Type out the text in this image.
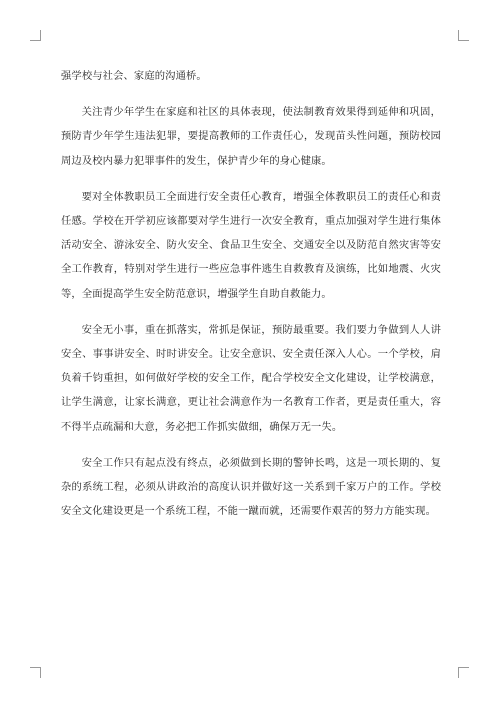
强学校与社会、家庭的沟通桥。

关注青少年学生在家庭和社区的具体表现，使法制教育效果得到延伸和巩固，预防青少年学生违法犯罪，要提高教师的工作责任心，发现苗头性问题，预防校园周边及校内暴力犯罪事件的发生，保护青少年的身心健康。

要对全体教职员工全面进行安全责任心教育，增强全体教职员工的责任心和责任感。学校在开学初应该都要对学生进行一次安全教育，重点加强对学生进行集体活动安全、游泳安全、防火安全、食品卫生安全、交通安全以及防范自然灾害等安全工作教育，特别对学生进行一些应急事件逃生自救教育及演练，比如地震、火灾等，全面提高学生安全防范意识，增强学生自助自救能力。

安全无小事，重在抓落实，常抓是保证，预防最重要。我们要力争做到人人讲安全、事事讲安全、时时讲安全。让安全意识、安全责任深入人心。一个学校，肩负着千钧重担，如何做好学校的安全工作，配合学校安全文化建设，让学校满意，让学生满意，让家长满意，更让社会满意作为一名教育工作者，更是责任重大，容不得半点疏漏和大意，务必把工作抓实做细，确保万无一失。

安全工作只有起点没有终点，必须做到长期的警钟长鸣，这是一项长期的、复杂的系统工程，必须从讲政治的高度认识并做好这一关系到千家万户的工作。学校安全文化建设更是一个系统工程，不能一蹴而就，还需要作艰苦的努力方能实现。
